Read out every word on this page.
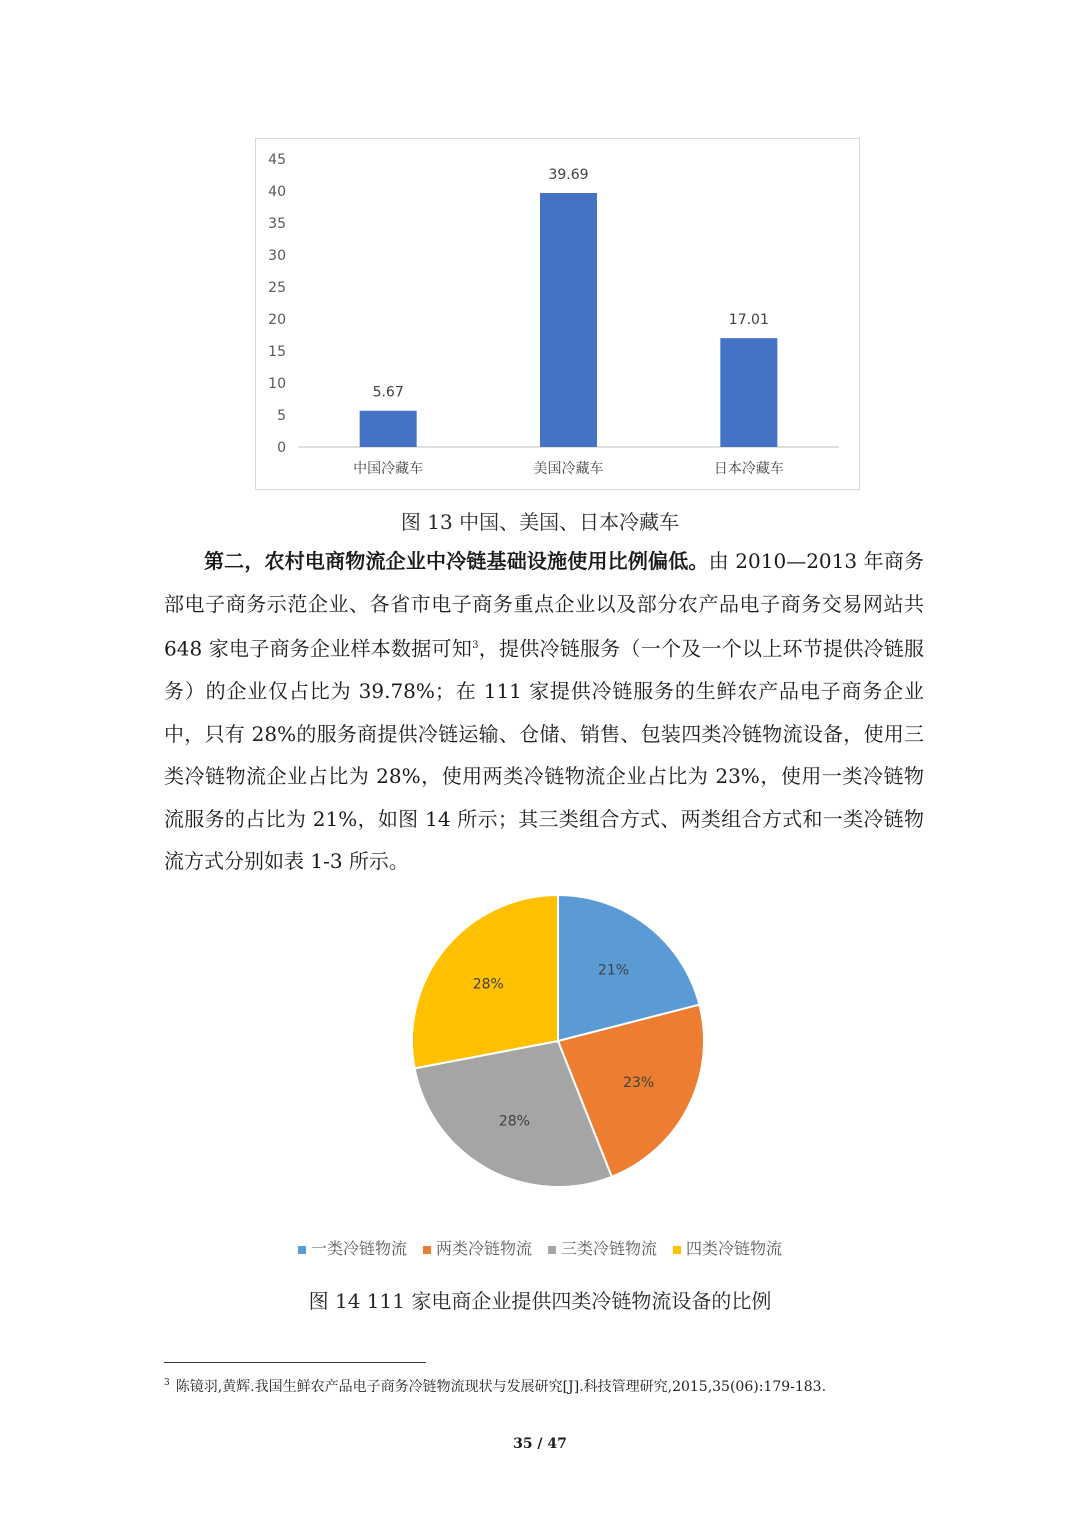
0
5
10
15
20
25
30
35
40
45
5.67
中国冷藏车
39.69
美国冷藏车
17.01
日本冷藏车
图 13 中国、美国、日本冷藏车

第二，农村电商物流企业中冷链基础设施使用比例偏低。由 2010—2013 年商务部电子商务示范企业、各省市电子商务重点企业以及部分农产品电子商务交易网站共 648 家电子商务企业样本数据可知$^3$，提供冷链服务（一个及一个以上环节提供冷链服务）的企业仅占比为 39.78%；在 111 家提供冷链服务的生鲜农产品电子商务企业中，只有 28%的服务商提供冷链运输、仓储、销售、包装四类冷链物流设备，使用三类冷链物流企业占比为 28%，使用两类冷链物流企业占比为 23%，使用一类冷链物流服务的占比为 21%，如图 14 所示；其三类组合方式、两类组合方式和一类冷链物流方式分别如表 1-3 所示。

21%
23%
28%
28%
一类冷链物流 两类冷链物流 三类冷链物流 四类冷链物流
图 14 111 家电商企业提供四类冷链物流设备的比例
$^3$ 陈镜羽,黄辉.我国生鲜农产品电子商务冷链物流现状与发展研究[J].科技管理研究,2015,35(06):179-183.
35 / 47
